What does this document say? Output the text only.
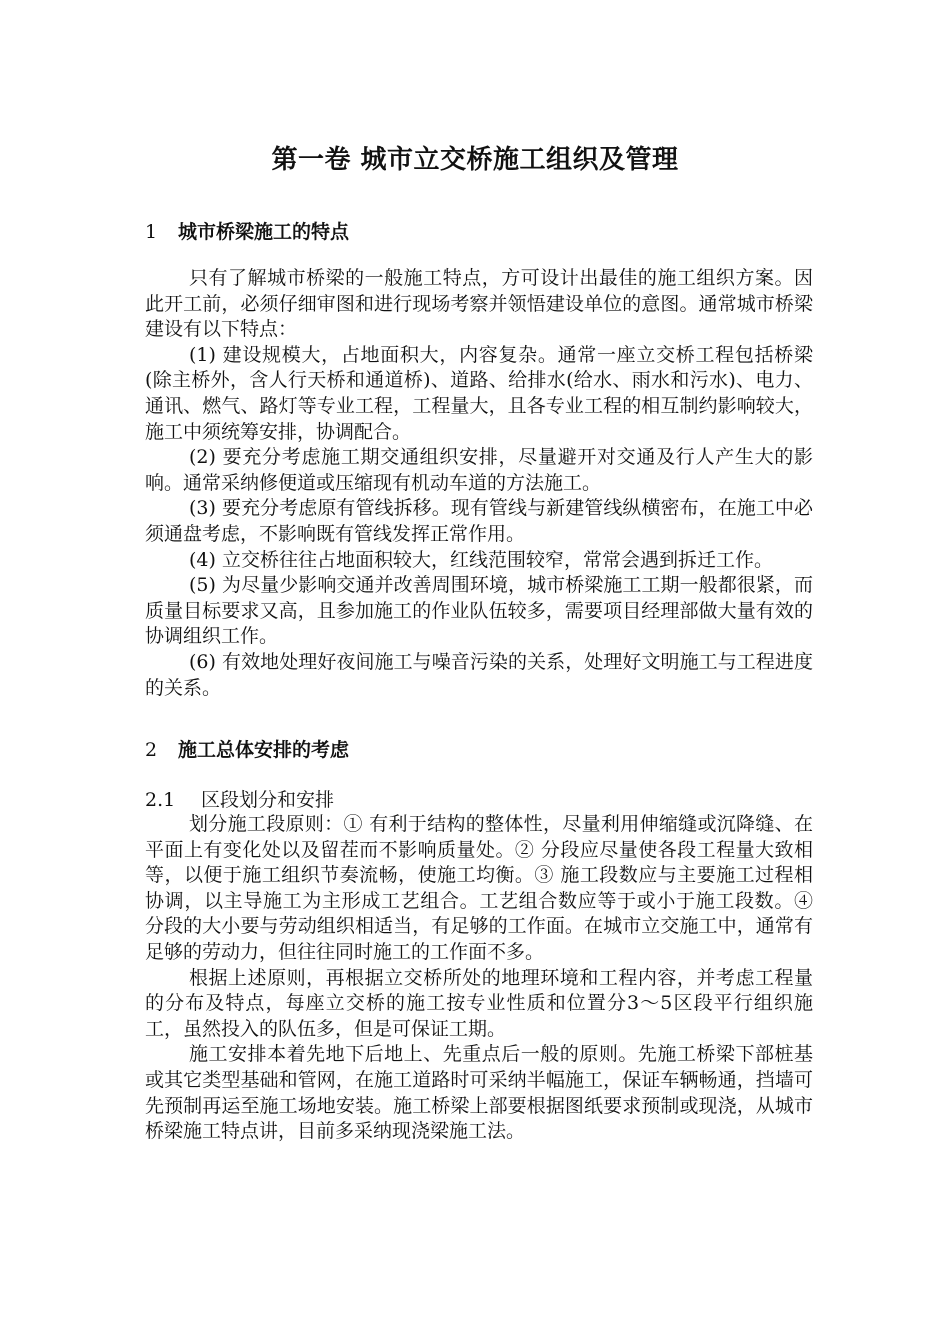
第一卷 城市立交桥施工组织及管理
1 城市桥梁施工的特点

只有了解城市桥梁的一般施工特点，方可设计出最佳的施工组织方案。因此开工前，必须仔细审图和进行现场考察并领悟建设单位的意图。通常城市桥梁建设有以下特点：

(1) 建设规模大，占地面积大，内容复杂。通常一座立交桥工程包括桥梁(除主桥外，含人行天桥和通道桥)、道路、给排水(给水、雨水和污水)、电力、通讯、燃气、路灯等专业工程，工程量大，且各专业工程的相互制约影响较大，施工中须统筹安排，协调配合。

(2) 要充分考虑施工期交通组织安排，尽量避开对交通及行人产生大的影响。通常采纳修便道或压缩现有机动车道的方法施工。

(3) 要充分考虑原有管线拆移。现有管线与新建管线纵横密布，在施工中必须通盘考虑，不影响既有管线发挥正常作用。

(4) 立交桥往往占地面积较大，红线范围较窄，常常会遇到拆迁工作。

(5) 为尽量少影响交通并改善周围环境，城市桥梁施工工期一般都很紧，而质量目标要求又高，且参加施工的作业队伍较多，需要项目经理部做大量有效的协调组织工作。

(6) 有效地处理好夜间施工与噪音污染的关系，处理好文明施工与工程进度的关系。

2 施工总体安排的考虑
2.1 区段划分和安排

划分施工段原则：① 有利于结构的整体性，尽量利用伸缩缝或沉降缝、在平面上有变化处以及留茬而不影响质量处。② 分段应尽量使各段工程量大致相等，以便于施工组织节奏流畅，使施工均衡。③ 施工段数应与主要施工过程相协调，以主导施工为主形成工艺组合。工艺组合数应等于或小于施工段数。④ 分段的大小要与劳动组织相适当，有足够的工作面。在城市立交施工中，通常有足够的劳动力，但往往同时施工的工作面不多。

根据上述原则，再根据立交桥所处的地理环境和工程内容，并考虑工程量的分布及特点，每座立交桥的施工按专业性质和位置分3～5区段平行组织施工，虽然投入的队伍多，但是可保证工期。

施工安排本着先地下后地上、先重点后一般的原则。先施工桥梁下部桩基或其它类型基础和管网，在施工道路时可采纳半幅施工，保证车辆畅通，挡墙可先预制再运至施工场地安装。施工桥梁上部要根据图纸要求预制或现浇，从城市桥梁施工特点讲，目前多采纳现浇梁施工法。
